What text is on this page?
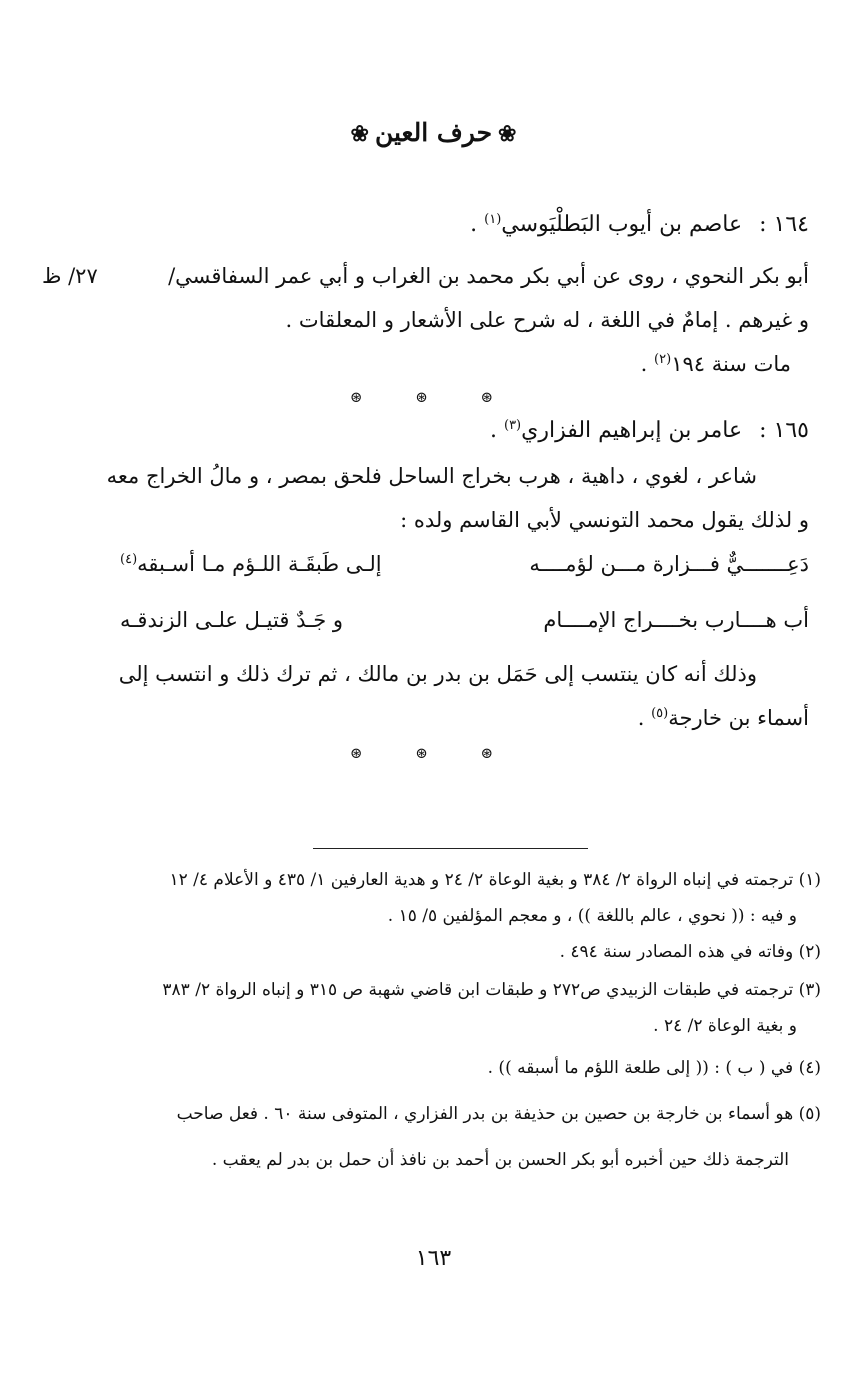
❀حرف العين❀
١٦٤ : عاصم بن أيوب البَطلْيَوسي$^{(١)}$ .
أبو بكر النحوي ، روى عن أبي بكر محمد بن الغراب و أبي عمر السفاقسي/
٢٧/ ظ
و غيرهم . إمامٌ في اللغة ، له شرح على الأشعار و المعلقات .
مات سنة ١٩٤$^{(٢)}$ .
⊛ ⊛ ⊛
١٦٥ : عامر بن إبراهيم الفزاري$^{(٣)}$ .
شاعر ، لغوي ، داهية ، هرب بخراج الساحل فلحق بمصر ، و مالُ الخراج معه
و لذلك يقول محمد التونسي لأبي القاسم ولده :
دَعِـــــــيٌّ فـــزارة مـــن لؤمــــه
إلـى طَبقَـة اللـؤم مـا أسـبقه$^{(٤)}$
أب هــــارب بخــــراج الإمــــام
و جَـدٌ قتيـل علـى الزندقـه
وذلك أنه كان ينتسب إلى حَمَل بن بدر بن مالك ، ثم ترك ذلك و انتسب إلى
أسماء بن خارجة$^{(٥)}$ .
⊛ ⊛ ⊛
(١) ترجمته في إنباه الرواة ٢/ ٣٨٤ و بغية الوعاة ٢/ ٢٤ و هدية العارفين ١/ ٤٣٥ و الأعلام ٤/ ١٢
و فيه : (( نحوي ، عالم باللغة )) ، و معجم المؤلفين ٥/ ١٥ .
(٢) وفاته في هذه المصادر سنة ٤٩٤ .
(٣) ترجمته في طبقات الزبيدي ص٢٧٢ و طبقات ابن قاضي شهبة ص ٣١٥ و إنباه الرواة ٢/ ٣٨٣
و بغية الوعاة ٢/ ٢٤ .
(٤) في ( ب ) : (( إلى طلعة اللؤم ما أسبقه )) .
(٥) هو أسماء بن خارجة بن حصين بن حذيفة بن بدر الفزاري ، المتوفى سنة ٦٠ . فعل صاحب
الترجمة ذلك حين أخبره أبو بكر الحسن بن أحمد بن نافذ أن حمل بن بدر لم يعقب .
١٦٣
